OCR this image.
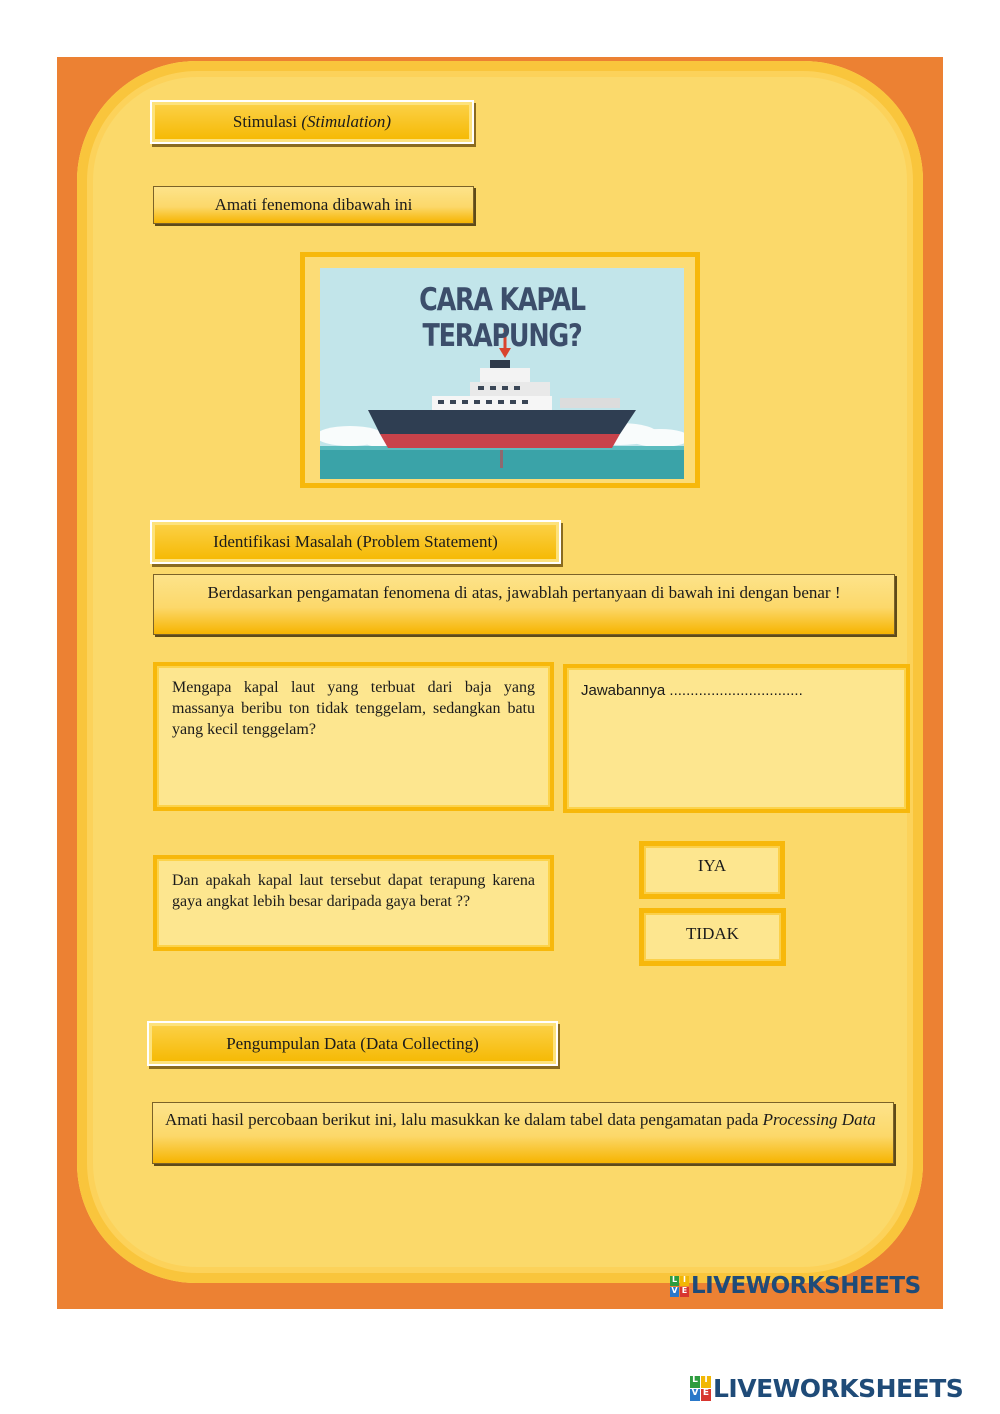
Stimulasi (Stimulation)
Amati fenemona dibawah ini
CARA KAPAL TERAPUNG?
Identifikasi Masalah (Problem Statement)
Berdasarkan pengamatan fenomena di atas, jawablah pertanyaan di bawah ini dengan benar !
Mengapa kapal laut yang terbuat dari baja yang massanya beribu ton tidak tenggelam, sedangkan batu yang kecil tenggelam?
Jawabannya ................................
Dan apakah kapal laut tersebut dapat terapung karena gaya angkat lebih besar daripada gaya berat ??
IYA
TIDAK
Pengumpulan Data (Data Collecting)
Amati hasil percobaan berikut ini, lalu masukkan ke dalam tabel data pengamatan pada Processing Data
L I
V E LIVEWORKSHEETS
L I
V E LIVEWORKSHEETS
